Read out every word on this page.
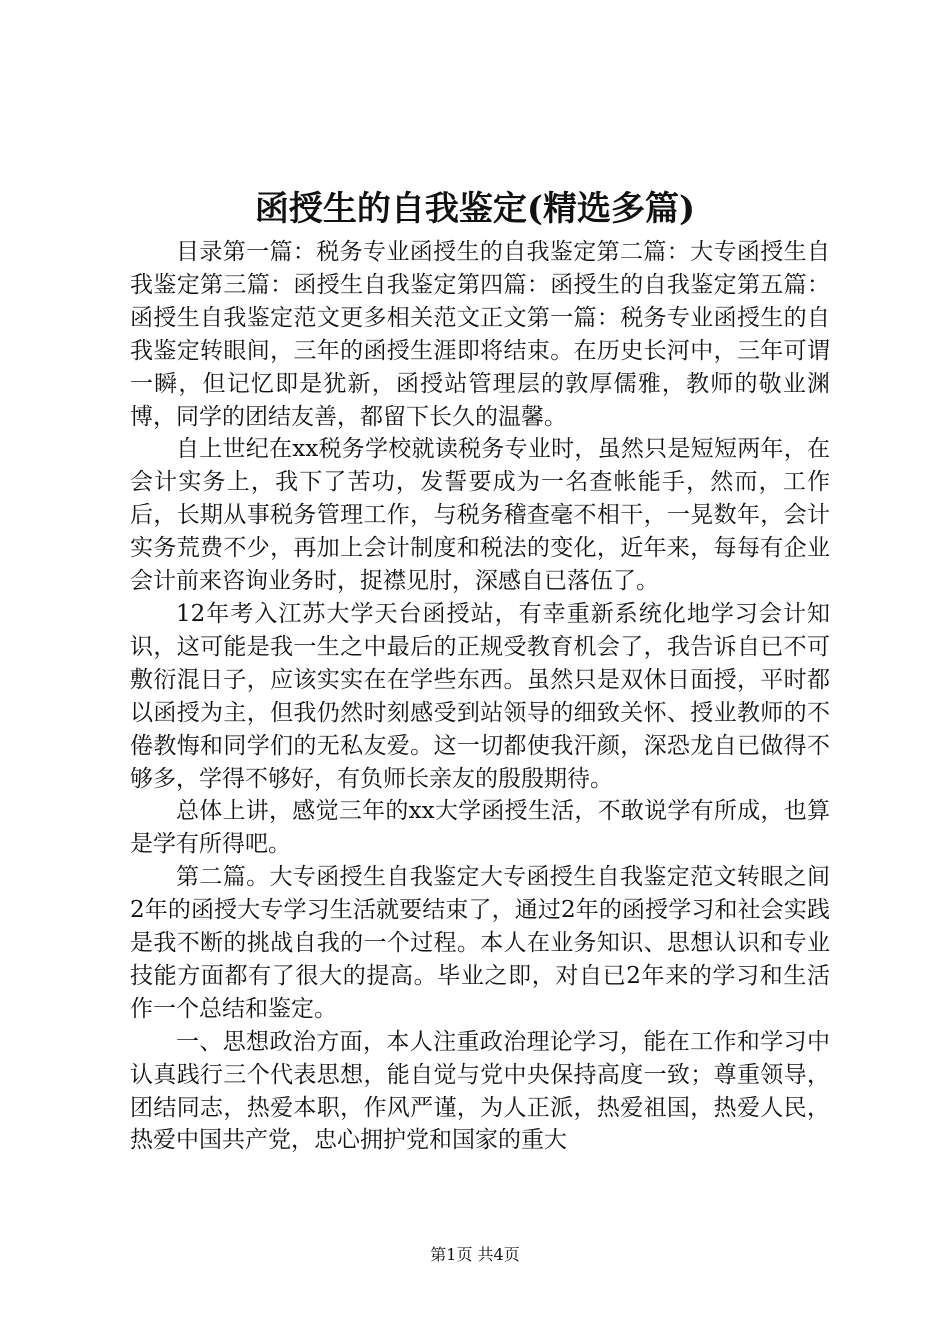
函授生的自我鉴定(精选多篇)

目录第一篇：税务专业函授生的自我鉴定第二篇：大专函授生自我鉴定第三篇：函授生自我鉴定第四篇：函授生的自我鉴定第五篇：函授生自我鉴定范文更多相关范文正文第一篇：税务专业函授生的自我鉴定转眼间，三年的函授生涯即将结束。在历史长河中，三年可谓一瞬，但记忆即是犹新，函授站管理层的敦厚儒雅，教师的敬业渊博，同学的团结友善，都留下长久的温馨。

自上世纪在xx税务学校就读税务专业时，虽然只是短短两年，在会计实务上，我下了苦功，发誓要成为一名查帐能手，然而，工作后，长期从事税务管理工作，与税务稽查毫不相干，一晃数年，会计实务荒费不少，再加上会计制度和税法的变化，近年来，每每有企业会计前来咨询业务时，捉襟见肘，深感自已落伍了。

12年考入江苏大学天台函授站，有幸重新系统化地学习会计知识，这可能是我一生之中最后的正规受教育机会了，我告诉自已不可敷衍混日子，应该实实在在学些东西。虽然只是双休日面授，平时都以函授为主，但我仍然时刻感受到站领导的细致关怀、授业教师的不倦教悔和同学们的无私友爱。这一切都使我汗颜，深恐龙自已做得不够多，学得不够好，有负师长亲友的殷殷期待。

总体上讲，感觉三年的xx大学函授生活，不敢说学有所成，也算是学有所得吧。

第二篇。大专函授生自我鉴定大专函授生自我鉴定范文转眼之间2年的函授大专学习生活就要结束了，通过2年的函授学习和社会实践是我不断的挑战自我的一个过程。本人在业务知识、思想认识和专业技能方面都有了很大的提高。毕业之即，对自已2年来的学习和生活作一个总结和鉴定。

一、思想政治方面，本人注重政治理论学习，能在工作和学习中认真践行三个代表思想，能自觉与党中央保持高度一致；尊重领导，团结同志，热爱本职，作风严谨，为人正派，热爱祖国，热爱人民，热爱中国共产党，忠心拥护党和国家的重大

第1页 共4页
